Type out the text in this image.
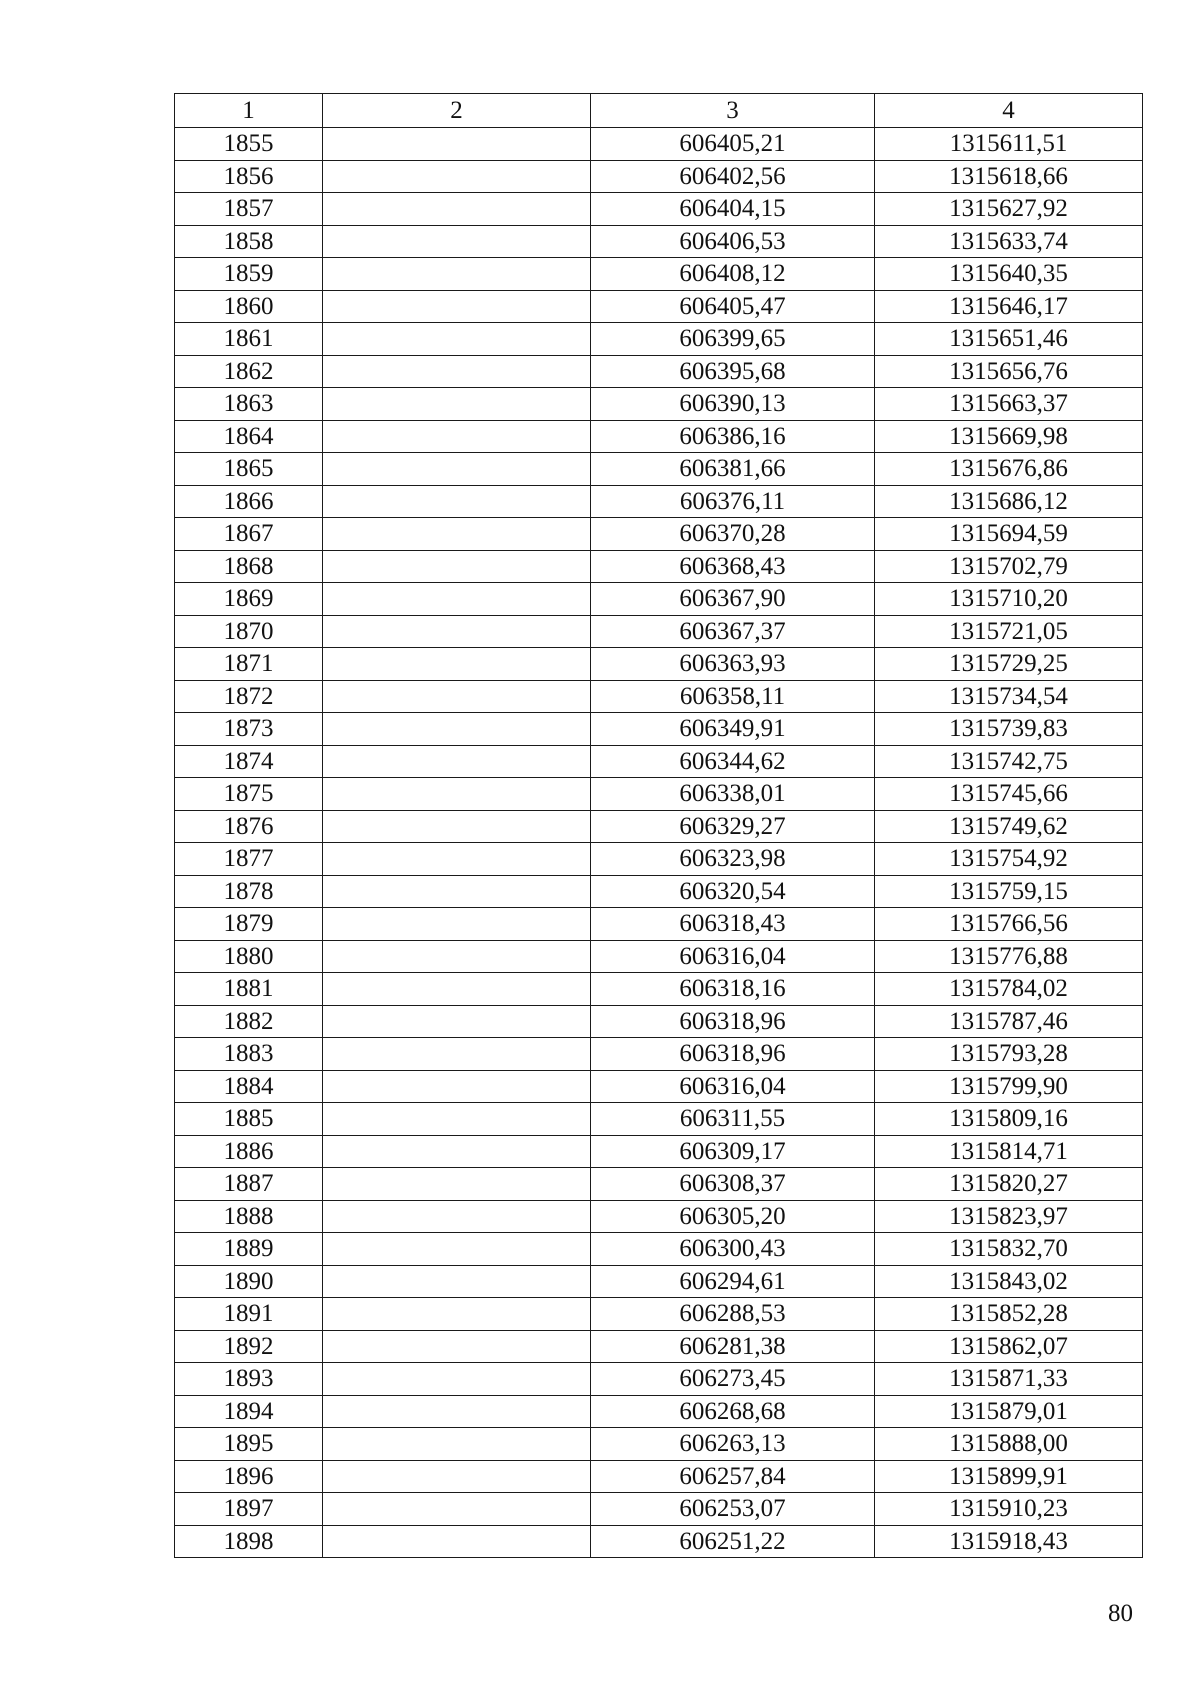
1	2	3	4
1855		606405,21	1315611,51
1856		606402,56	1315618,66
1857		606404,15	1315627,92
1858		606406,53	1315633,74
1859		606408,12	1315640,35
1860		606405,47	1315646,17
1861		606399,65	1315651,46
1862		606395,68	1315656,76
1863		606390,13	1315663,37
1864		606386,16	1315669,98
1865		606381,66	1315676,86
1866		606376,11	1315686,12
1867		606370,28	1315694,59
1868		606368,43	1315702,79
1869		606367,90	1315710,20
1870		606367,37	1315721,05
1871		606363,93	1315729,25
1872		606358,11	1315734,54
1873		606349,91	1315739,83
1874		606344,62	1315742,75
1875		606338,01	1315745,66
1876		606329,27	1315749,62
1877		606323,98	1315754,92
1878		606320,54	1315759,15
1879		606318,43	1315766,56
1880		606316,04	1315776,88
1881		606318,16	1315784,02
1882		606318,96	1315787,46
1883		606318,96	1315793,28
1884		606316,04	1315799,90
1885		606311,55	1315809,16
1886		606309,17	1315814,71
1887		606308,37	1315820,27
1888		606305,20	1315823,97
1889		606300,43	1315832,70
1890		606294,61	1315843,02
1891		606288,53	1315852,28
1892		606281,38	1315862,07
1893		606273,45	1315871,33
1894		606268,68	1315879,01
1895		606263,13	1315888,00
1896		606257,84	1315899,91
1897		606253,07	1315910,23
1898		606251,22	1315918,43
80
